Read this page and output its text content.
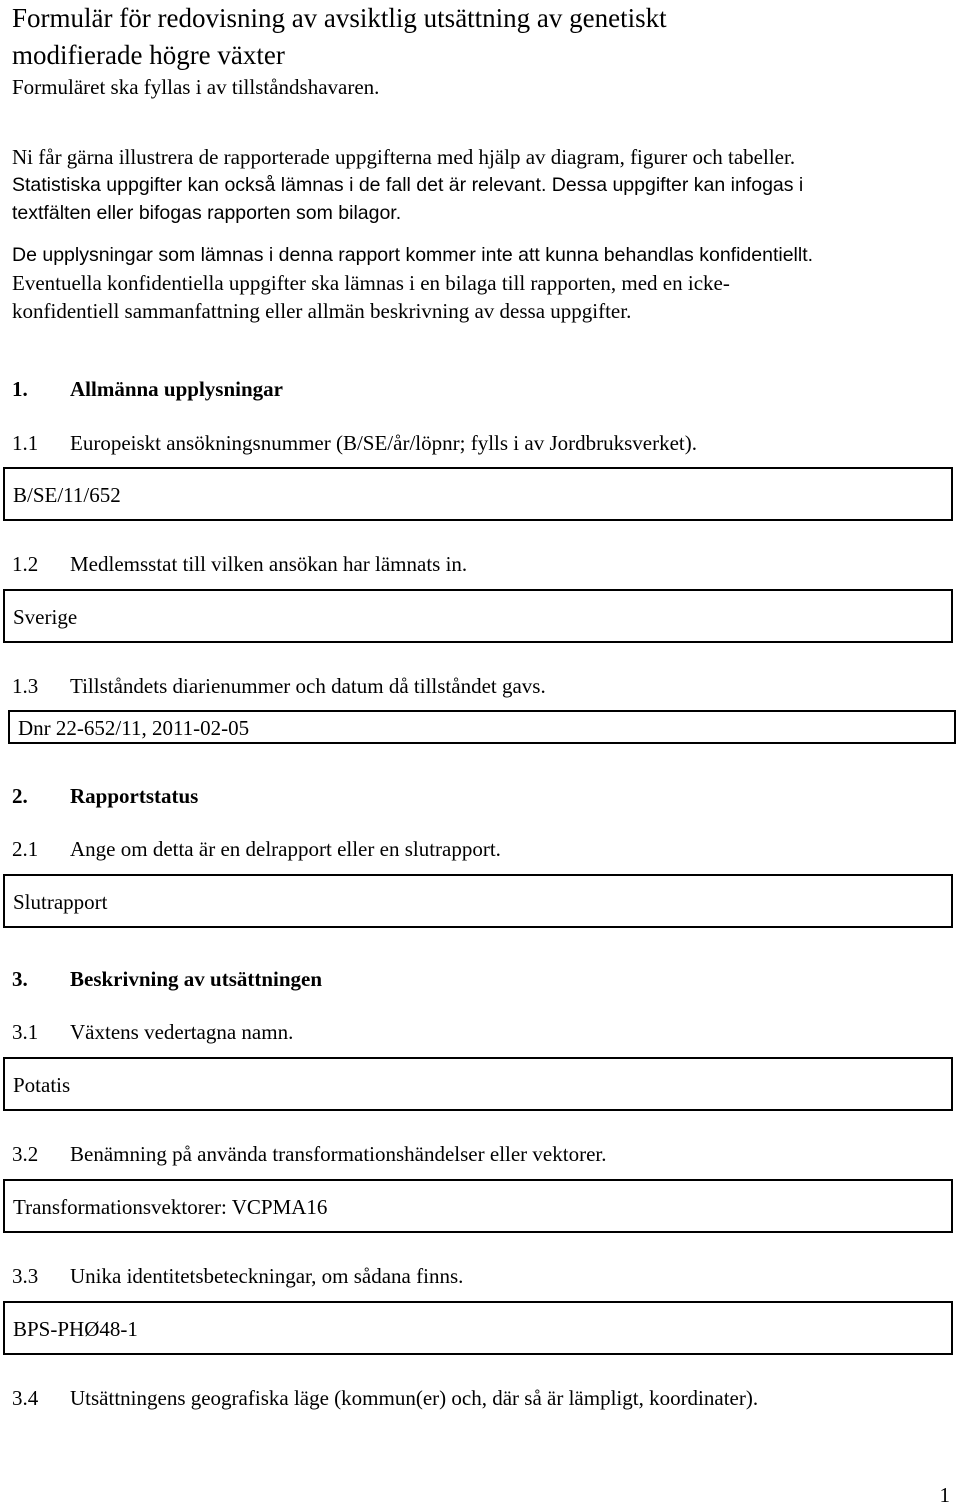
Formulär för redovisning av avsiktlig utsättning av genetiskt
modifierade högre växter
Formuläret ska fyllas i av tillståndshavaren.
Ni får gärna illustrera de rapporterade uppgifterna med hjälp av diagram, figurer och tabeller.
Statistiska uppgifter kan också lämnas i de fall det är relevant. Dessa uppgifter kan infogas i
textfälten eller bifogas rapporten som bilagor.
De upplysningar som lämnas i denna rapport kommer inte att kunna behandlas konfidentiellt.
Eventuella konfidentiella uppgifter ska lämnas i en bilaga till rapporten, med en icke-
konfidentiell sammanfattning eller allmän beskrivning av dessa uppgifter.
1. Allmänna upplysningar
1.1 Europeiskt ansökningsnummer (B/SE/år/löpnr; fylls i av Jordbruksverket).
B/SE/11/652
1.2 Medlemsstat till vilken ansökan har lämnats in.
Sverige
1.3 Tillståndets diarienummer och datum då tillståndet gavs.
Dnr 22-652/11, 2011-02-05
2. Rapportstatus
2.1 Ange om detta är en delrapport eller en slutrapport.
Slutrapport
3. Beskrivning av utsättningen
3.1 Växtens vedertagna namn.
Potatis
3.2 Benämning på använda transformationshändelser eller vektorer.
Transformationsvektorer: VCPMA16
3.3 Unika identitetsbeteckningar, om sådana finns.
BPS-PHØ48-1
3.4 Utsättningens geografiska läge (kommun(er) och, där så är lämpligt, koordinater).
1
